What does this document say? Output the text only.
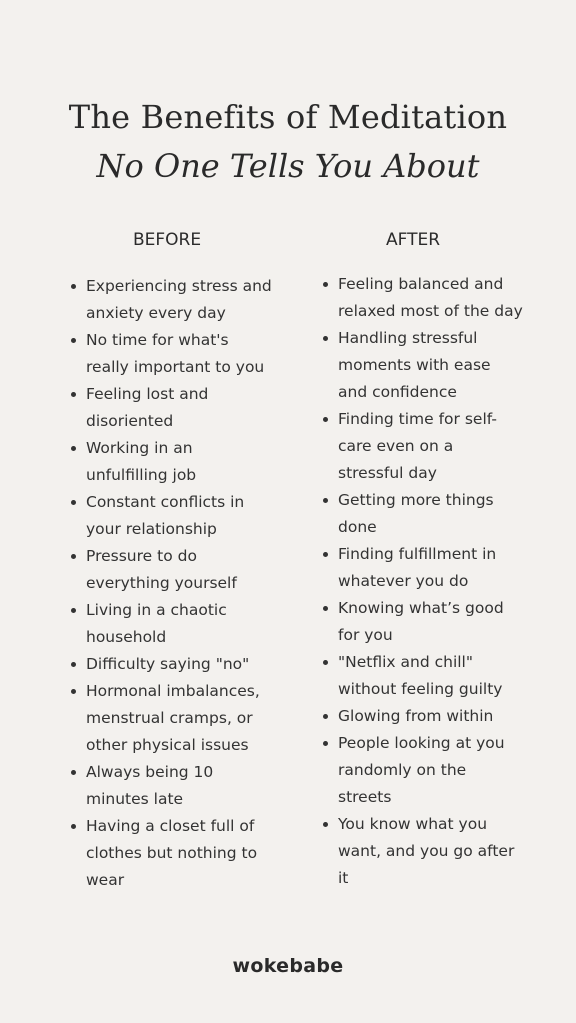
The Benefits of Meditation
No One Tells You About
BEFORE	AFTER
Experiencing stress and anxiety every day
No time for what's really important to you
Feeling lost and disoriented
Working in an unfulfilling job
Constant conflicts in your relationship
Pressure to do everything yourself
Living in a chaotic household
Difficulty saying "no"
Hormonal imbalances, menstrual cramps, or other physical issues
Always being 10 minutes late
Having a closet full of clothes but nothing to wear
Feeling balanced and relaxed most of the day
Handling stressful moments with ease and confidence
Finding time for self-care even on a stressful day
Getting more things done
Finding fulfillment in whatever you do
Knowing what’s good for you
"Netflix and chill" without feeling guilty
Glowing from within
People looking at you randomly on the streets
You know what you want, and you go after it
wokebabe
